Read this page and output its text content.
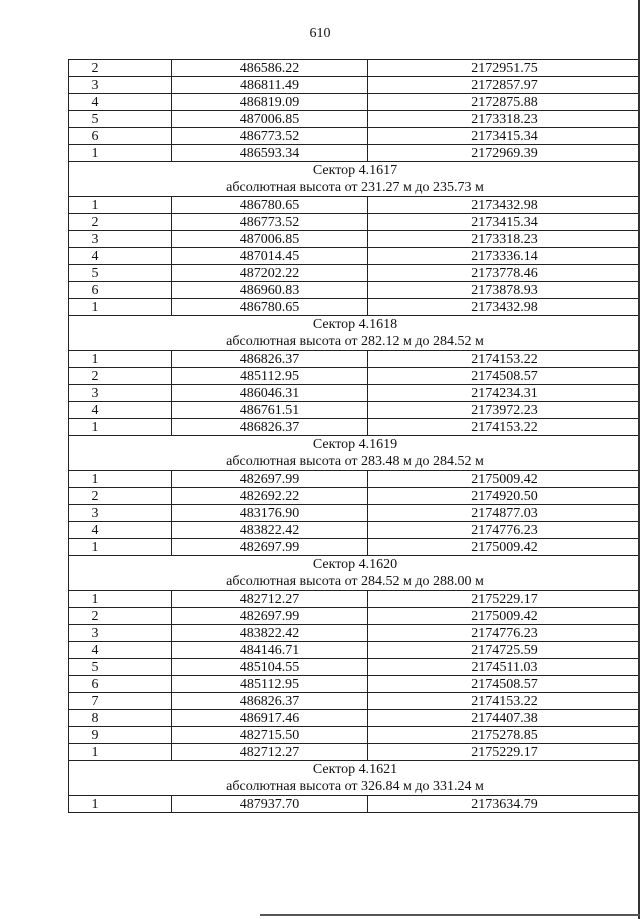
610
2	486586.22	2172951.75
3	486811.49	2172857.97
4	486819.09	2172875.88
5	487006.85	2173318.23
6	486773.52	2173415.34
1	486593.34	2172969.39

Сектор 4.1617
абсолютная высота от 231.27 м до 235.73 м		

1	486780.65	2173432.98
2	486773.52	2173415.34
3	487006.85	2173318.23
4	487014.45	2173336.14
5	487202.22	2173778.46
6	486960.83	2173878.93
1	486780.65	2173432.98

Сектор 4.1618
абсолютная высота от 282.12 м до 284.52 м		

1	486826.37	2174153.22
2	485112.95	2174508.57
3	486046.31	2174234.31
4	486761.51	2173972.23
1	486826.37	2174153.22

Сектор 4.1619
абсолютная высота от 283.48 м до 284.52 м		

1	482697.99	2175009.42
2	482692.22	2174920.50
3	483176.90	2174877.03
4	483822.42	2174776.23
1	482697.99	2175009.42

Сектор 4.1620
абсолютная высота от 284.52 м до 288.00 м		

1	482712.27	2175229.17
2	482697.99	2175009.42
3	483822.42	2174776.23
4	484146.71	2174725.59
5	485104.55	2174511.03
6	485112.95	2174508.57
7	486826.37	2174153.22
8	486917.46	2174407.38
9	482715.50	2175278.85
1	482712.27	2175229.17

Сектор 4.1621
абсолютная высота от 326.84 м до 331.24 м		

1	487937.70	2173634.79
